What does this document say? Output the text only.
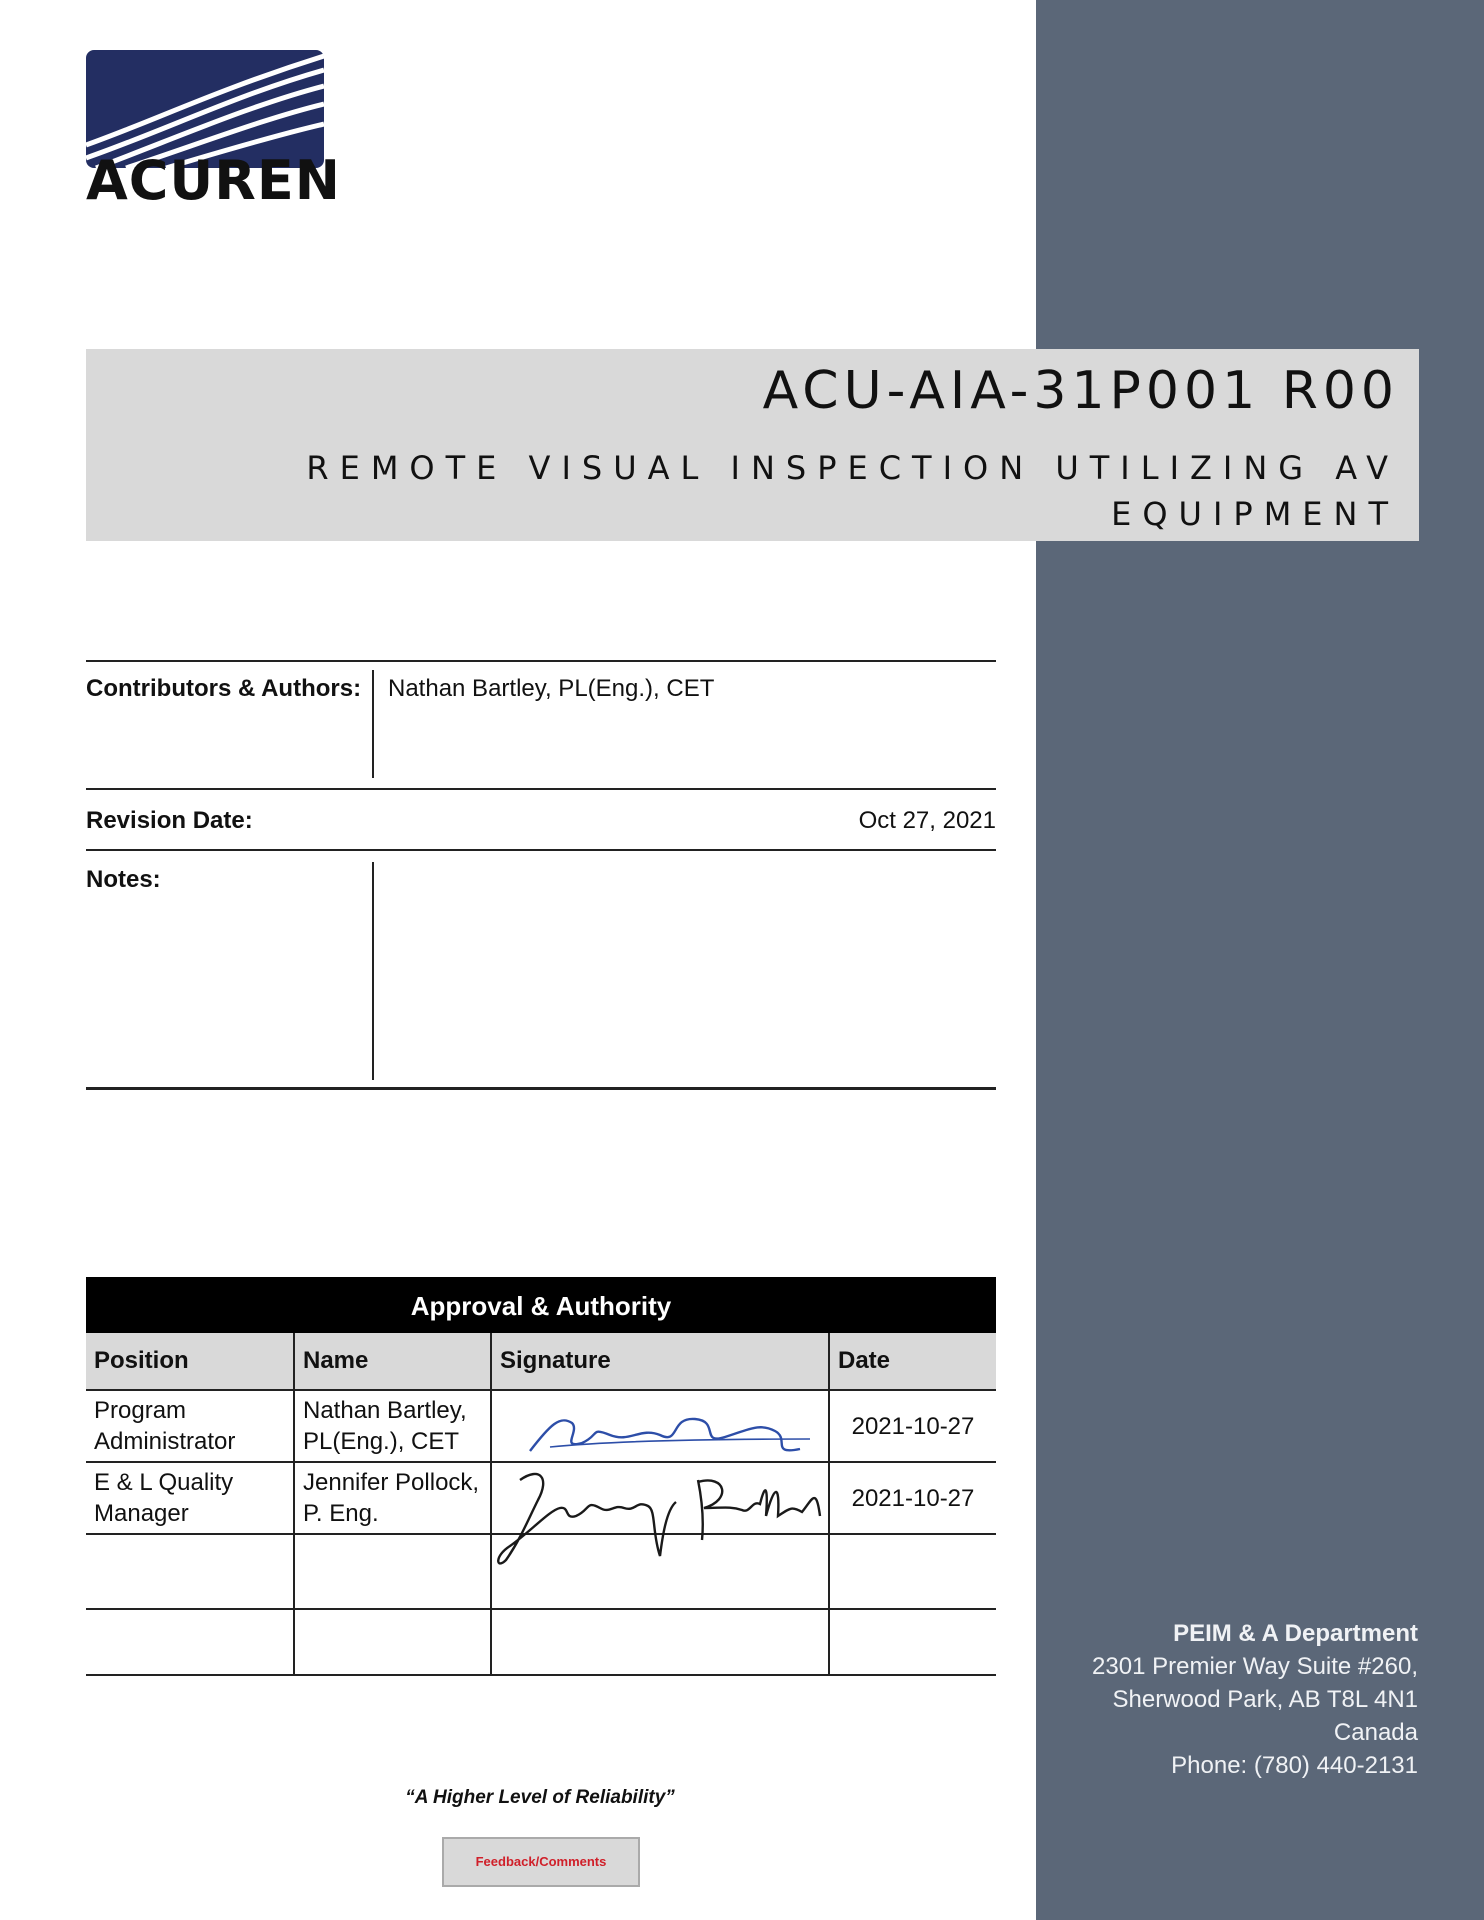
ACUREN
ACU-AIA-31P001 R00
REMOTE VISUAL INSPECTION UTILIZING AV EQUIPMENT
Contributors & Authors: Nathan Bartley, PL(Eng.), CET
Revision Date:	Oct 27, 2021
Notes:
Approval & Authority
Position	Name	Signature	Date
Program Administrator	Nathan Bartley, PL(Eng.), CET		2021-10-27
E & L Quality Manager	Jennifer Pollock, P. Eng.		2021-10-27

PEIM & A Department
2301 Premier Way Suite #260,
Sherwood Park, AB T8L 4N1
Canada
Phone: (780) 440-2131
“A Higher Level of Reliability”
Feedback/Comments
